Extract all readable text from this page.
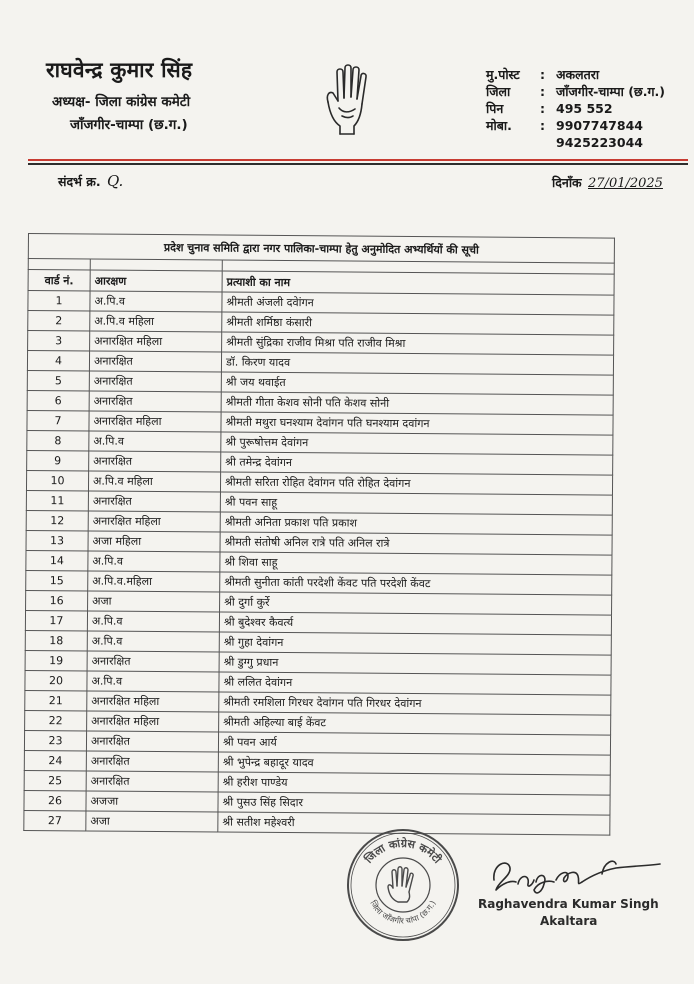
राघवेन्द्र कुमार सिंह
अध्यक्ष- जिला कांग्रेस कमेटी
जाँजगीर-चाम्पा (छ.ग.)
मु.पोस्ट	: अकलतरा
जिला	: जाँजगीर-चाम्पा (छ.ग.)
पिन	: 495 552
मोबा.	: 9907747844
9425223044
संदर्भ क्र. Q.	दिनाँक 27/01/2025
प्रदेश चुनाव समिति द्वारा नगर पालिका-चाम्पा हेतु अनुमोदित अभ्यर्थियों की सूची		

वार्ड नं.	आरक्षण	प्रत्याशी का नाम
1	अ.पि.व	श्रीमती अंजली दवेांगन
2	अ.पि.व महिला	श्रीमती शर्मिष्ठा कंसारी
3	अनारक्षित महिला	श्रीमती सुंद्रिका राजीव मिश्रा पति राजीव मिश्रा
4	अनारक्षित	डॉ. किरण यादव
5	अनारक्षित	श्री जय थवाईत
6	अनारक्षित	श्रीमती गीता केशव सोनी पति केशव सोनी
7	अनारक्षित महिला	श्रीमती मथुरा घनश्याम देवांगन पति घनश्याम दवांगन
8	अ.पि.व	श्री पुरूषोत्तम देवांगन
9	अनारक्षित	श्री तमेन्द्र देवांगन
10	अ.पि.व महिला	श्रीमती सरिता रोहित देवांगन पति रोहित देवांगन
11	अनारक्षित	श्री पवन साहू
12	अनारक्षित महिला	श्रीमती अनिता प्रकाश पति प्रकाश
13	अजा महिला	श्रीमती संतोषी अनिल रात्रे पति अनिल रात्रे
14	अ.पि.व	श्री शिवा साहू
15	अ.पि.व.महिला	श्रीमती सुनीता कांती परदेशी केंवट पति परदेशी केंवट
16	अजा	श्री दुर्गा कुर्रे
17	अ.पि.व	श्री बुदेश्वर कैवर्त्य
18	अ.पि.व	श्री गुहा देवांगन
19	अनारक्षित	श्री डुग्गु प्रधान
20	अ.पि.व	श्री ललित देवांगन
21	अनारक्षित महिला	श्रीमती रमशिला गिरधर देवांगन पति गिरधर देवांगन
22	अनारक्षित महिला	श्रीमती अहिल्या बाई केंवट
23	अनारक्षित	श्री पवन आर्य
24	अनारक्षित	श्री भुपेन्द्र बहादूर यादव
25	अनारक्षित	श्री हरीश पाण्डेय
26	अजजा	श्री पुसउ सिंह सिदार
27	अजा	श्री सतीश महेश्वरी
जिला कांग्रेस कमेटी
जिला जाँजगीर चांपा (छ.ग.)	Raghavendra Kumar Singh
Akaltara
